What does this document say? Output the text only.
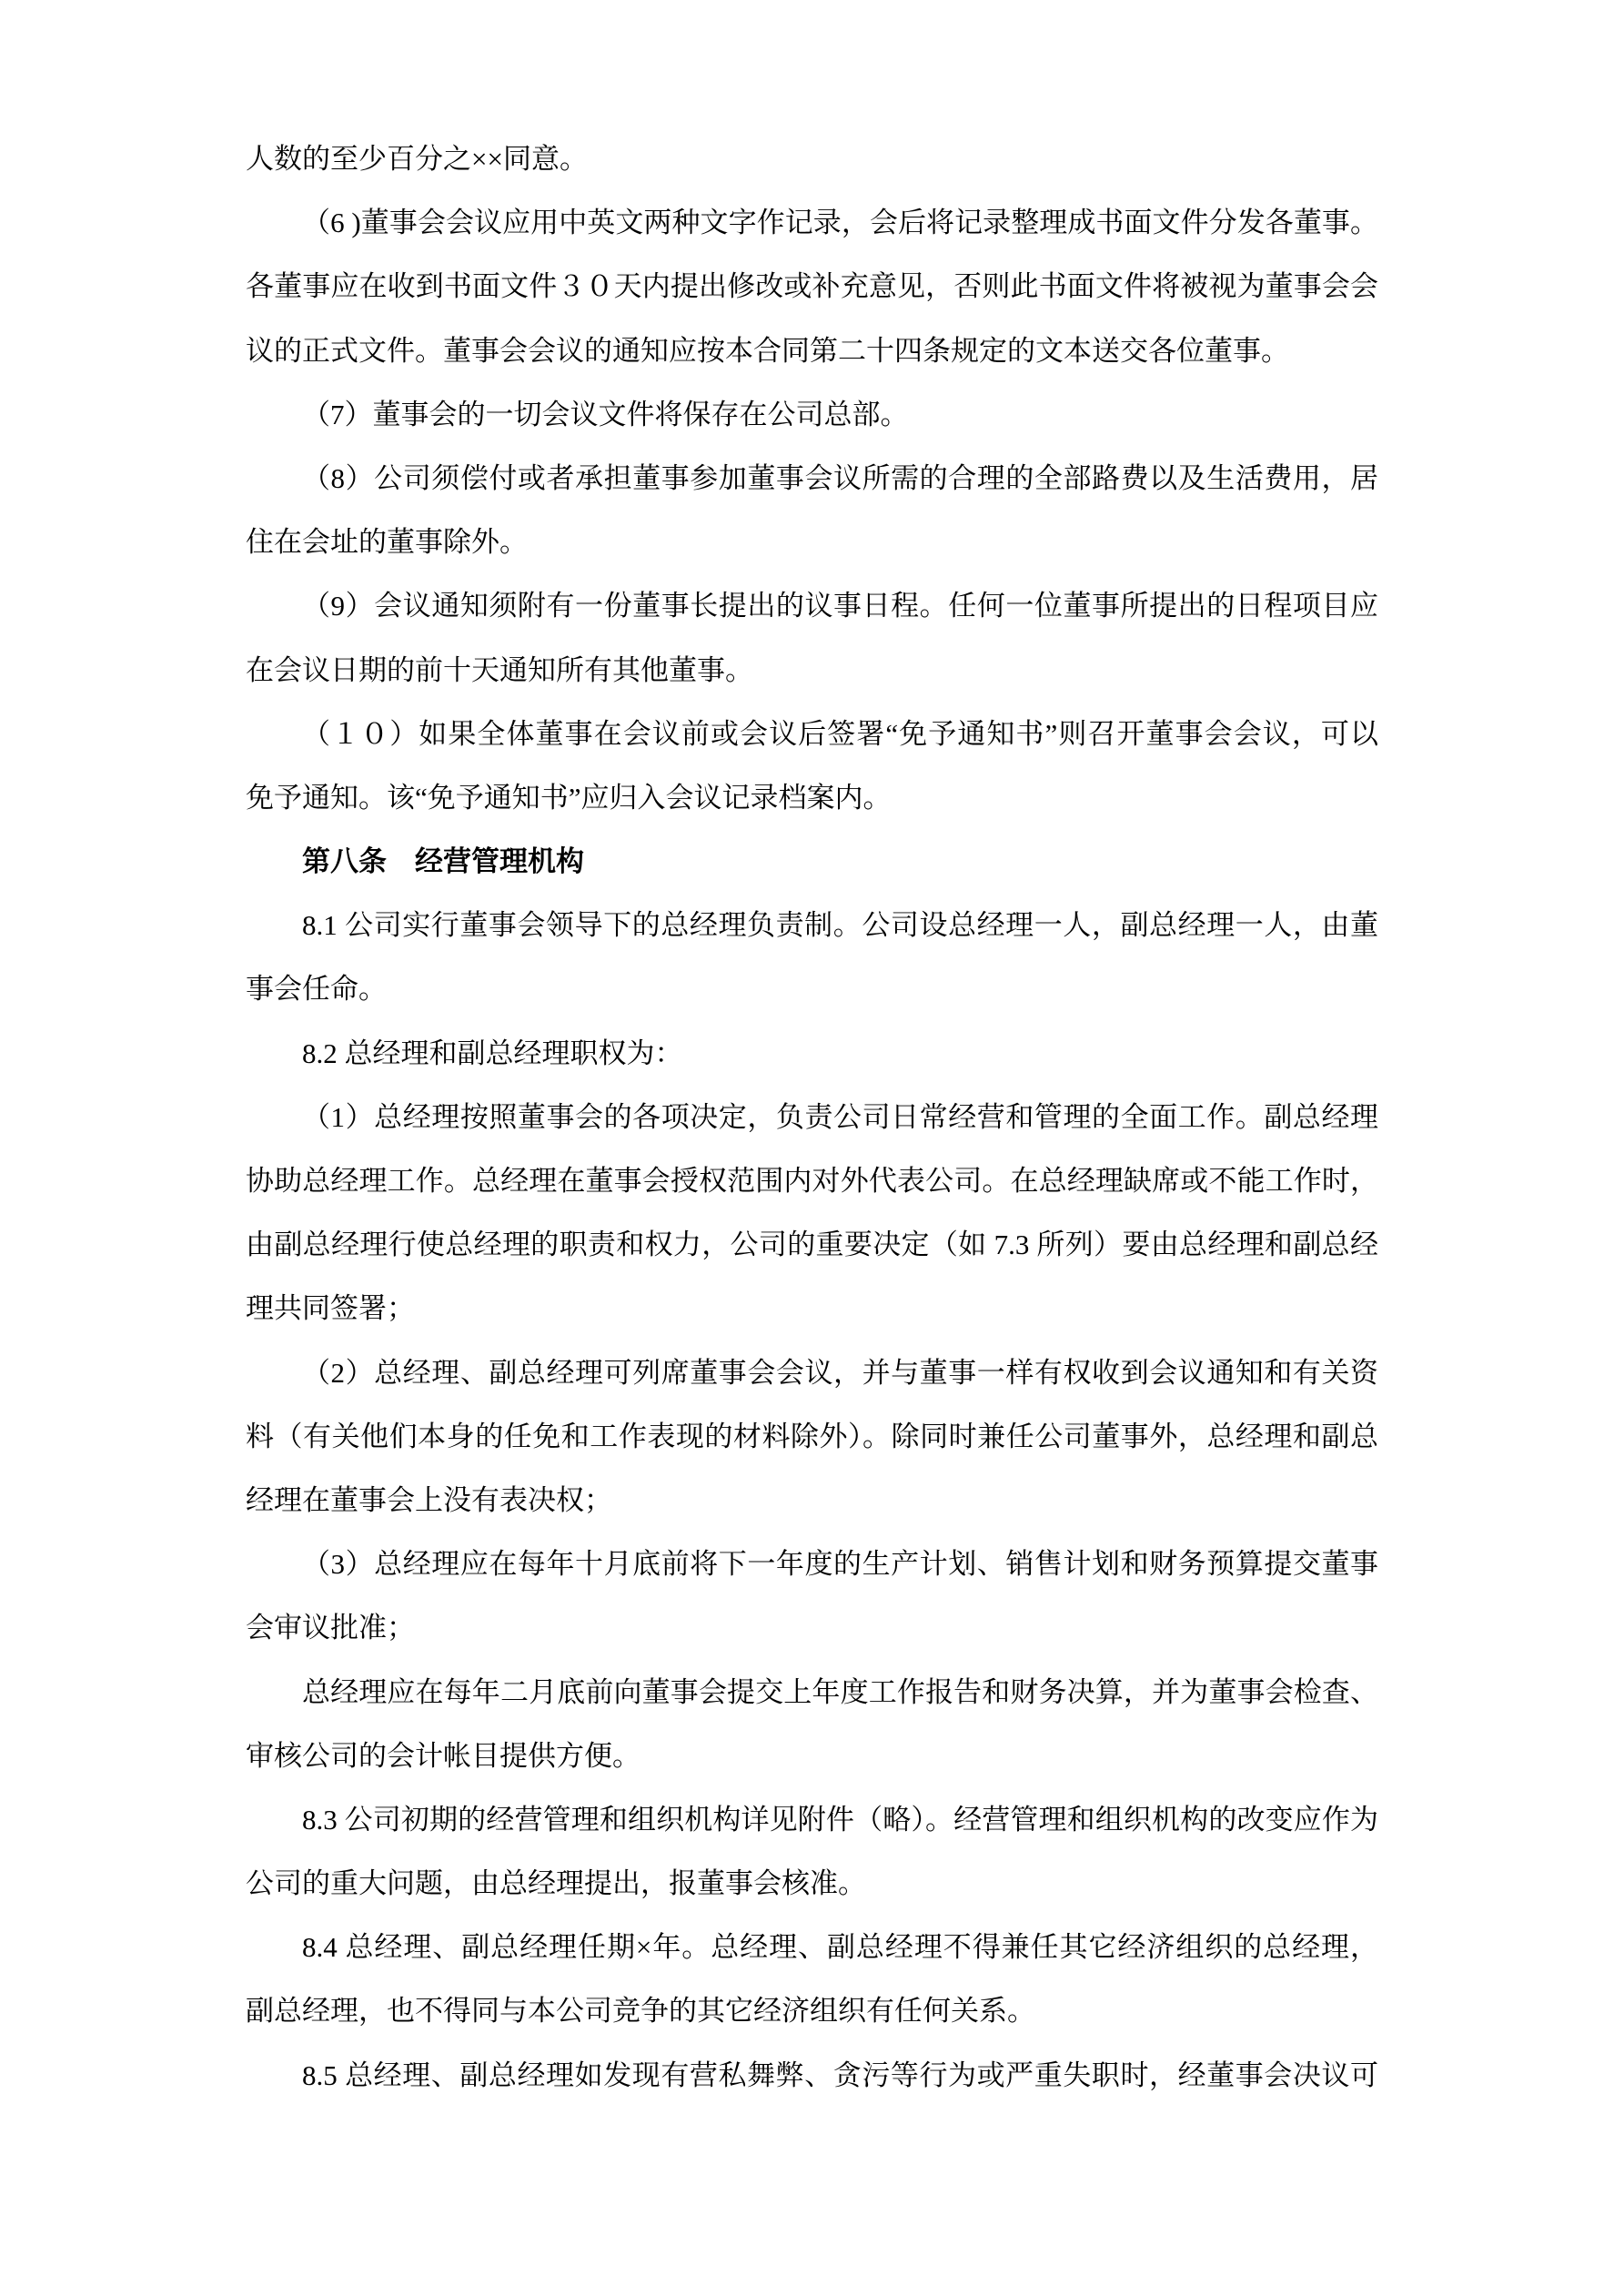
人数的至少百分之××同意。
（6 )董事会会议应用中英文两种文字作记录，会后将记录整理成书面文件分发各董事。
各董事应在收到书面文件３０天内提出修改或补充意见，否则此书面文件将被视为董事会会
议的正式文件。董事会会议的通知应按本合同第二十四条规定的文本送交各位董事。
（7）董事会的一切会议文件将保存在公司总部。
（8）公司须偿付或者承担董事参加董事会议所需的合理的全部路费以及生活费用，居
住在会址的董事除外。
（9）会议通知须附有一份董事长提出的议事日程。任何一位董事所提出的日程项目应
在会议日期的前十天通知所有其他董事。
（１０）如果全体董事在会议前或会议后签署“免予通知书”则召开董事会会议，可以
免予通知。该“免予通知书”应归入会议记录档案内。
第八条　经营管理机构
8.1 公司实行董事会领导下的总经理负责制。公司设总经理一人，副总经理一人，由董
事会任命。
8.2 总经理和副总经理职权为：
（1）总经理按照董事会的各项决定，负责公司日常经营和管理的全面工作。副总经理
协助总经理工作。总经理在董事会授权范围内对外代表公司。在总经理缺席或不能工作时，
由副总经理行使总经理的职责和权力，公司的重要决定（如 7.3 所列）要由总经理和副总经
理共同签署；
（2）总经理、副总经理可列席董事会会议，并与董事一样有权收到会议通知和有关资
料（有关他们本身的任免和工作表现的材料除外）。除同时兼任公司董事外，总经理和副总
经理在董事会上没有表决权；
（3）总经理应在每年十月底前将下一年度的生产计划、销售计划和财务预算提交董事
会审议批准；
总经理应在每年二月底前向董事会提交上年度工作报告和财务决算，并为董事会检查、
审核公司的会计帐目提供方便。
8.3 公司初期的经营管理和组织机构详见附件（略）。经营管理和组织机构的改变应作为
公司的重大问题，由总经理提出，报董事会核准。
8.4 总经理、副总经理任期×年。总经理、副总经理不得兼任其它经济组织的总经理，
副总经理，也不得同与本公司竞争的其它经济组织有任何关系。
8.5 总经理、副总经理如发现有营私舞弊、贪污等行为或严重失职时，经董事会决议可
